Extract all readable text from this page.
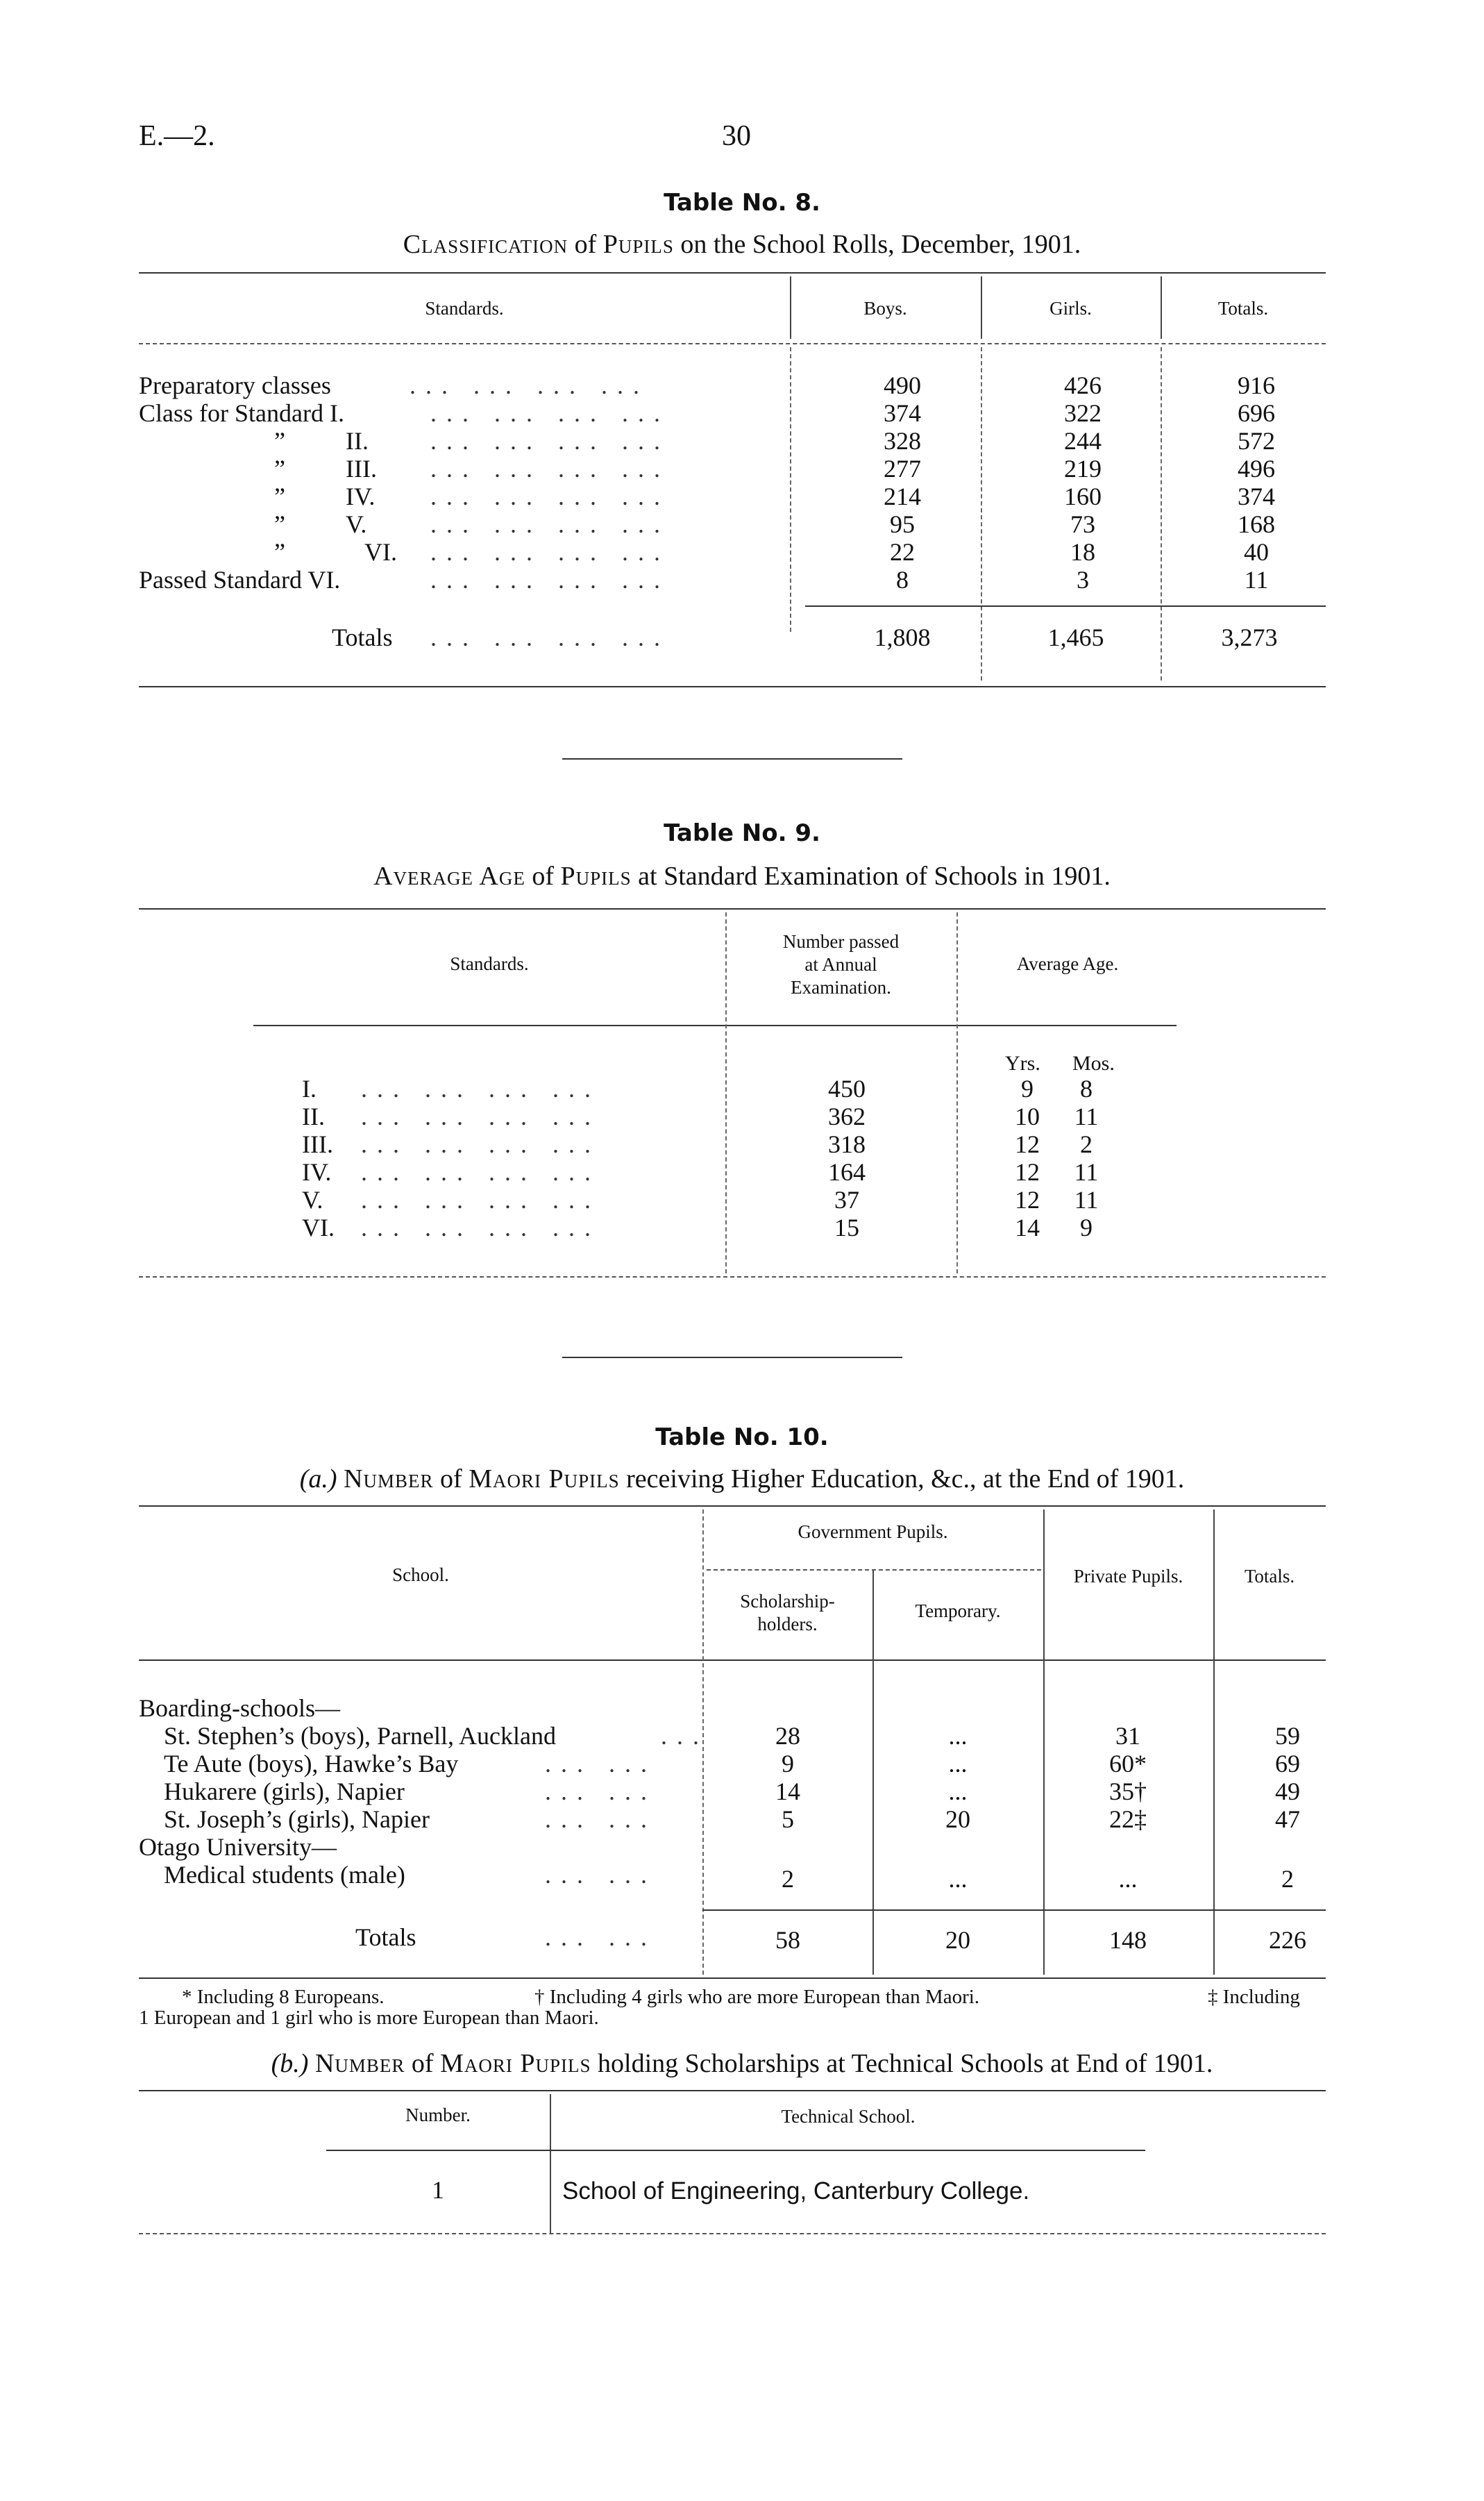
E.—2.	30
Table No. 8.
Classification of Pupils on the School Rolls, December, 1901.
Standards.	Boys.	Girls.	Totals.
Preparatory classes	... ... ... ...	490	426	916
Class for Standard I.	... ... ... ...	374	322	696
” II. ... ... ... ...	328	244	572
” III. ... ... ... ...	277	219	496
” IV. ... ... ... ...	214	160	374
” V.	... ... ... ...	95	73	168
”	VI. ... ... ... ...	22	18	40
Passed Standard VI.	... ... ... ...	8	3	11
Totals ... ... ... ...	1,808	1,465	3,273
Table No. 9.
Average Age of Pupils at Standard Examination of Schools in 1901.
Standards.
Number passed
at Annual
Examination.
Average Age.
Yrs. Mos.
I. ... ... ... ...	450	9	8
II. ... ... ... ...	362	10	11
III. ... ... ... ...	318	12	2
IV. ... ... ... ...	164	12	11
V. ... ... ... ...	37	12	11
VI. ... ... ... ...	15	14	9
Table No. 10.
(a.) Number of Maori Pupils receiving Higher Education, &c., at the End of 1901.
School.
Government Pupils.
Scholarship-
holders.
Temporary.
Private Pupils.	Totals.
Boarding-schools—
St. Stephen’s (boys), Parnell, Auckland	...	28	...	31	59
Te Aute (boys), Hawke’s Bay	... ...	9	...	60*	69
Hukarere (girls), Napier	... ...	14	...	35†	49
St. Joseph’s (girls), Napier	... ...	5	20	22‡	47
Otago University—
Medical students (male)	... ...	2	...	...	2
Totals	... ...	58	20	148	226
* Including 8 Europeans.	† Including 4 girls who are more European than Maori.	‡ Including
1 European and 1 girl who is more European than Maori.
(b.) Number of Maori Pupils holding Scholarships at Technical Schools at End of 1901.
Number.	Technical School.
1	School of Engineering, Canterbury College.
